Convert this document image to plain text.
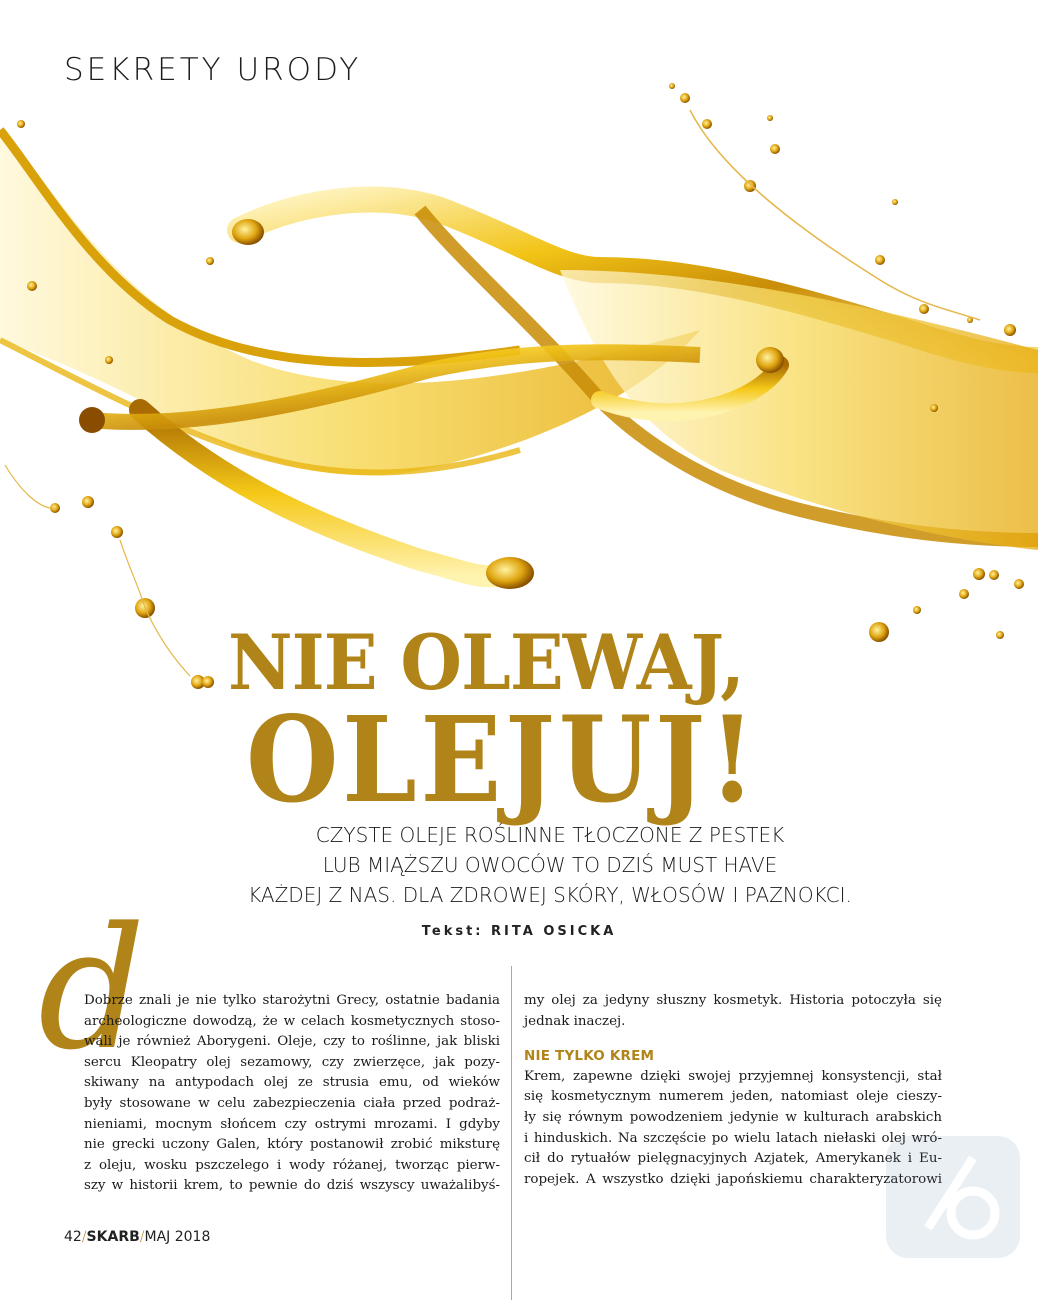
SEKRETY URODY
NIE OLEWAJ,
OLEJUJ!
CZYSTE OLEJE ROŚLINNE TŁOCZONE Z PESTEK
LUB MIĄŻSZU OWOCÓW TO DZIŚ MUST HAVE
KAŻDEJ Z NAS. DLA ZDROWEJ SKÓRY, WŁOSÓW I PAZNOKCI.
Tekst: RITA OSICKA
d
Dobrze znali je nie tylko starożytni Grecy, ostatnie badania
archeologiczne dowodzą, że w celach kosmetycznych stoso-
wali je również Aborygeni. Oleje, czy to roślinne, jak bliski
sercu Kleopatry olej sezamowy, czy zwierzęce, jak pozy-
skiwany na antypodach olej ze strusia emu, od wieków
były stosowane w celu zabezpieczenia ciała przed podraż-
nieniami, mocnym słońcem czy ostrymi mrozami. I gdyby
nie grecki uczony Galen, który postanowił zrobić miksturę
z oleju, wosku pszczelego i wody różanej, tworząc pierw-
szy w historii krem, to pewnie do dziś wszyscy uważalibyś-
my olej za jedyny słuszny kosmetyk. Historia potoczyła się
jednak inaczej.
NIE TYLKO KREM
Krem, zapewne dzięki swojej przyjemnej konsystencji, stał
się kosmetycznym numerem jeden, natomiast oleje cieszy-
ły się równym powodzeniem jedynie w kulturach arabskich
i hinduskich. Na szczęście po wielu latach niełaski olej wró-
cił do rytuałów pielęgnacyjnych Azjatek, Amerykanek i Eu-
ropejek. A wszystko dzięki japońskiemu charakteryzatorowi
42/SKARB/MAJ 2018
